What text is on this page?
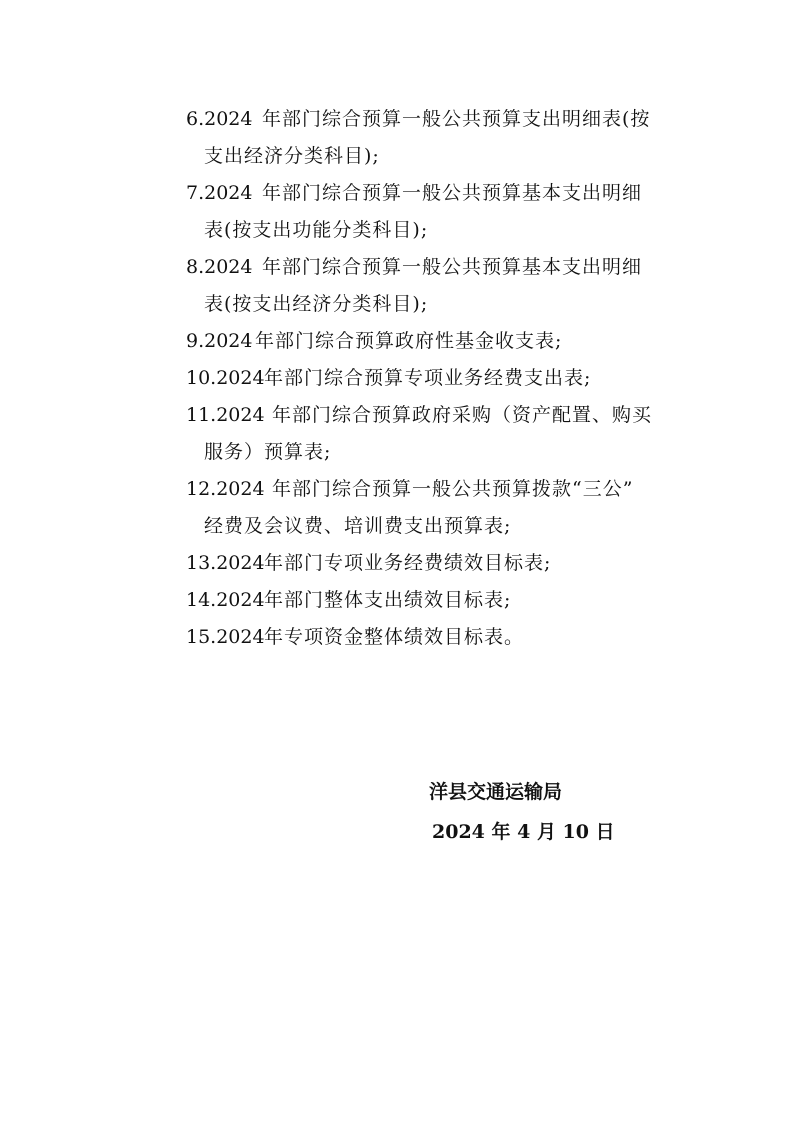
6.2024 年部门综合预算一般公共预算支出明细表(按
支出经济分类科目);
7.2024 年部门综合预算一般公共预算基本支出明细
表(按支出功能分类科目);
8.2024 年部门综合预算一般公共预算基本支出明细
表(按支出经济分类科目);
9.2024 年部门综合预算政府性基金收支表;
10.2024 年部门综合预算专项业务经费支出表;
11.2024 年部门综合预算政府采购（资产配置、购买
服务）预算表;
12.2024 年部门综合预算一般公共预算拨款“三公”
经费及会议费、培训费支出预算表;
13.2024 年部门专项业务经费绩效目标表;
14.2024 年部门整体支出绩效目标表;
15.2024 年专项资金整体绩效目标表。
洋县交通运输局
2024 年 4 月 10 日
